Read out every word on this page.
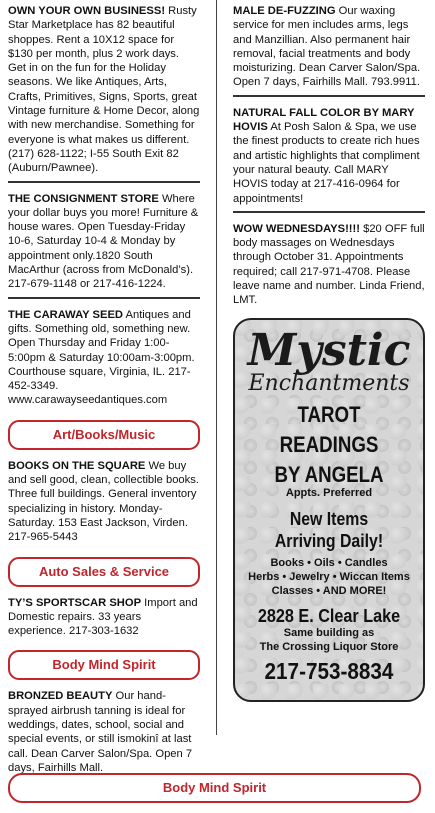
OWN YOUR OWN BUSINESS! Rusty Star Marketplace has 82 beautiful shoppes. Rent a 10X12 space for $130 per month, plus 2 work days. Get in on the fun for the Holiday seasons. We like Antiques, Arts, Crafts, Primitives, Signs, Sports, great Vintage furniture & Home Decor, along with new merchandise. Something for everyone is what makes us different. (217) 628-1122; I-55 South Exit 82 (Auburn/Pawnee).
THE CONSIGNMENT STORE Where your dollar buys you more! Furniture & house wares. Open Tuesday-Friday 10-6, Saturday 10-4 & Monday by appointment only.1820 South MacArthur (across from McDonald’s). 217-679-1148 or 217-416-1224.
THE CARAWAY SEED Antiques and gifts. Something old, something new. Open Thursday and Friday 1:00-5:00pm & Saturday 10:00am-3:00pm. Courthouse square, Virginia, IL. 217-452-3349. www.carawayseedantiques.com
Art/Books/Music
BOOKS ON THE SQUARE We buy and sell good, clean, collectible books. Three full buildings. General inventory specializing in history. Monday-Saturday. 153 East Jackson, Virden. 217-965-5443
Auto Sales & Service
TY’S SPORTSCAR SHOP Import and Domestic repairs. 33 years experience. 217-303-1632
Body Mind Spirit
BRONZED BEAUTY Our hand-sprayed airbrush tanning is ideal for weddings, dates, school, social and special events, or still ismokinî at last call. Dean Carver Salon/Spa. Open 7 days, Fairhills Mall.
MALE DE-FUZZING Our waxing service for men includes arms, legs and Manzillian. Also permanent hair removal, facial treatments and body moisturizing. Dean Carver Salon/Spa. Open 7 days, Fairhills Mall. 793.9911.
NATURAL FALL COLOR BY MARY HOVIS At Posh Salon & Spa, we use the finest products to create rich hues and artistic highlights that compliment your natural beauty. Call MARY HOVIS today at 217-416-0964 for appointments!
WOW WEDNESDAYS!!!! $20 OFF full body massages on Wednesdays through October 31. Appointments required; call 217-971-4708. Please leave name and number. Linda Friend, LMT.
Mystic
Enchantments
TAROT
READINGS
BY ANGELA
Appts. Preferred
New Items
Arriving Daily!
Books • Oils • Candles
Herbs • Jewelry • Wiccan Items
Classes • AND MORE!
2828 E. Clear Lake
Same building as
The Crossing Liquor Store
217-753-8834
Body Mind Spirit
